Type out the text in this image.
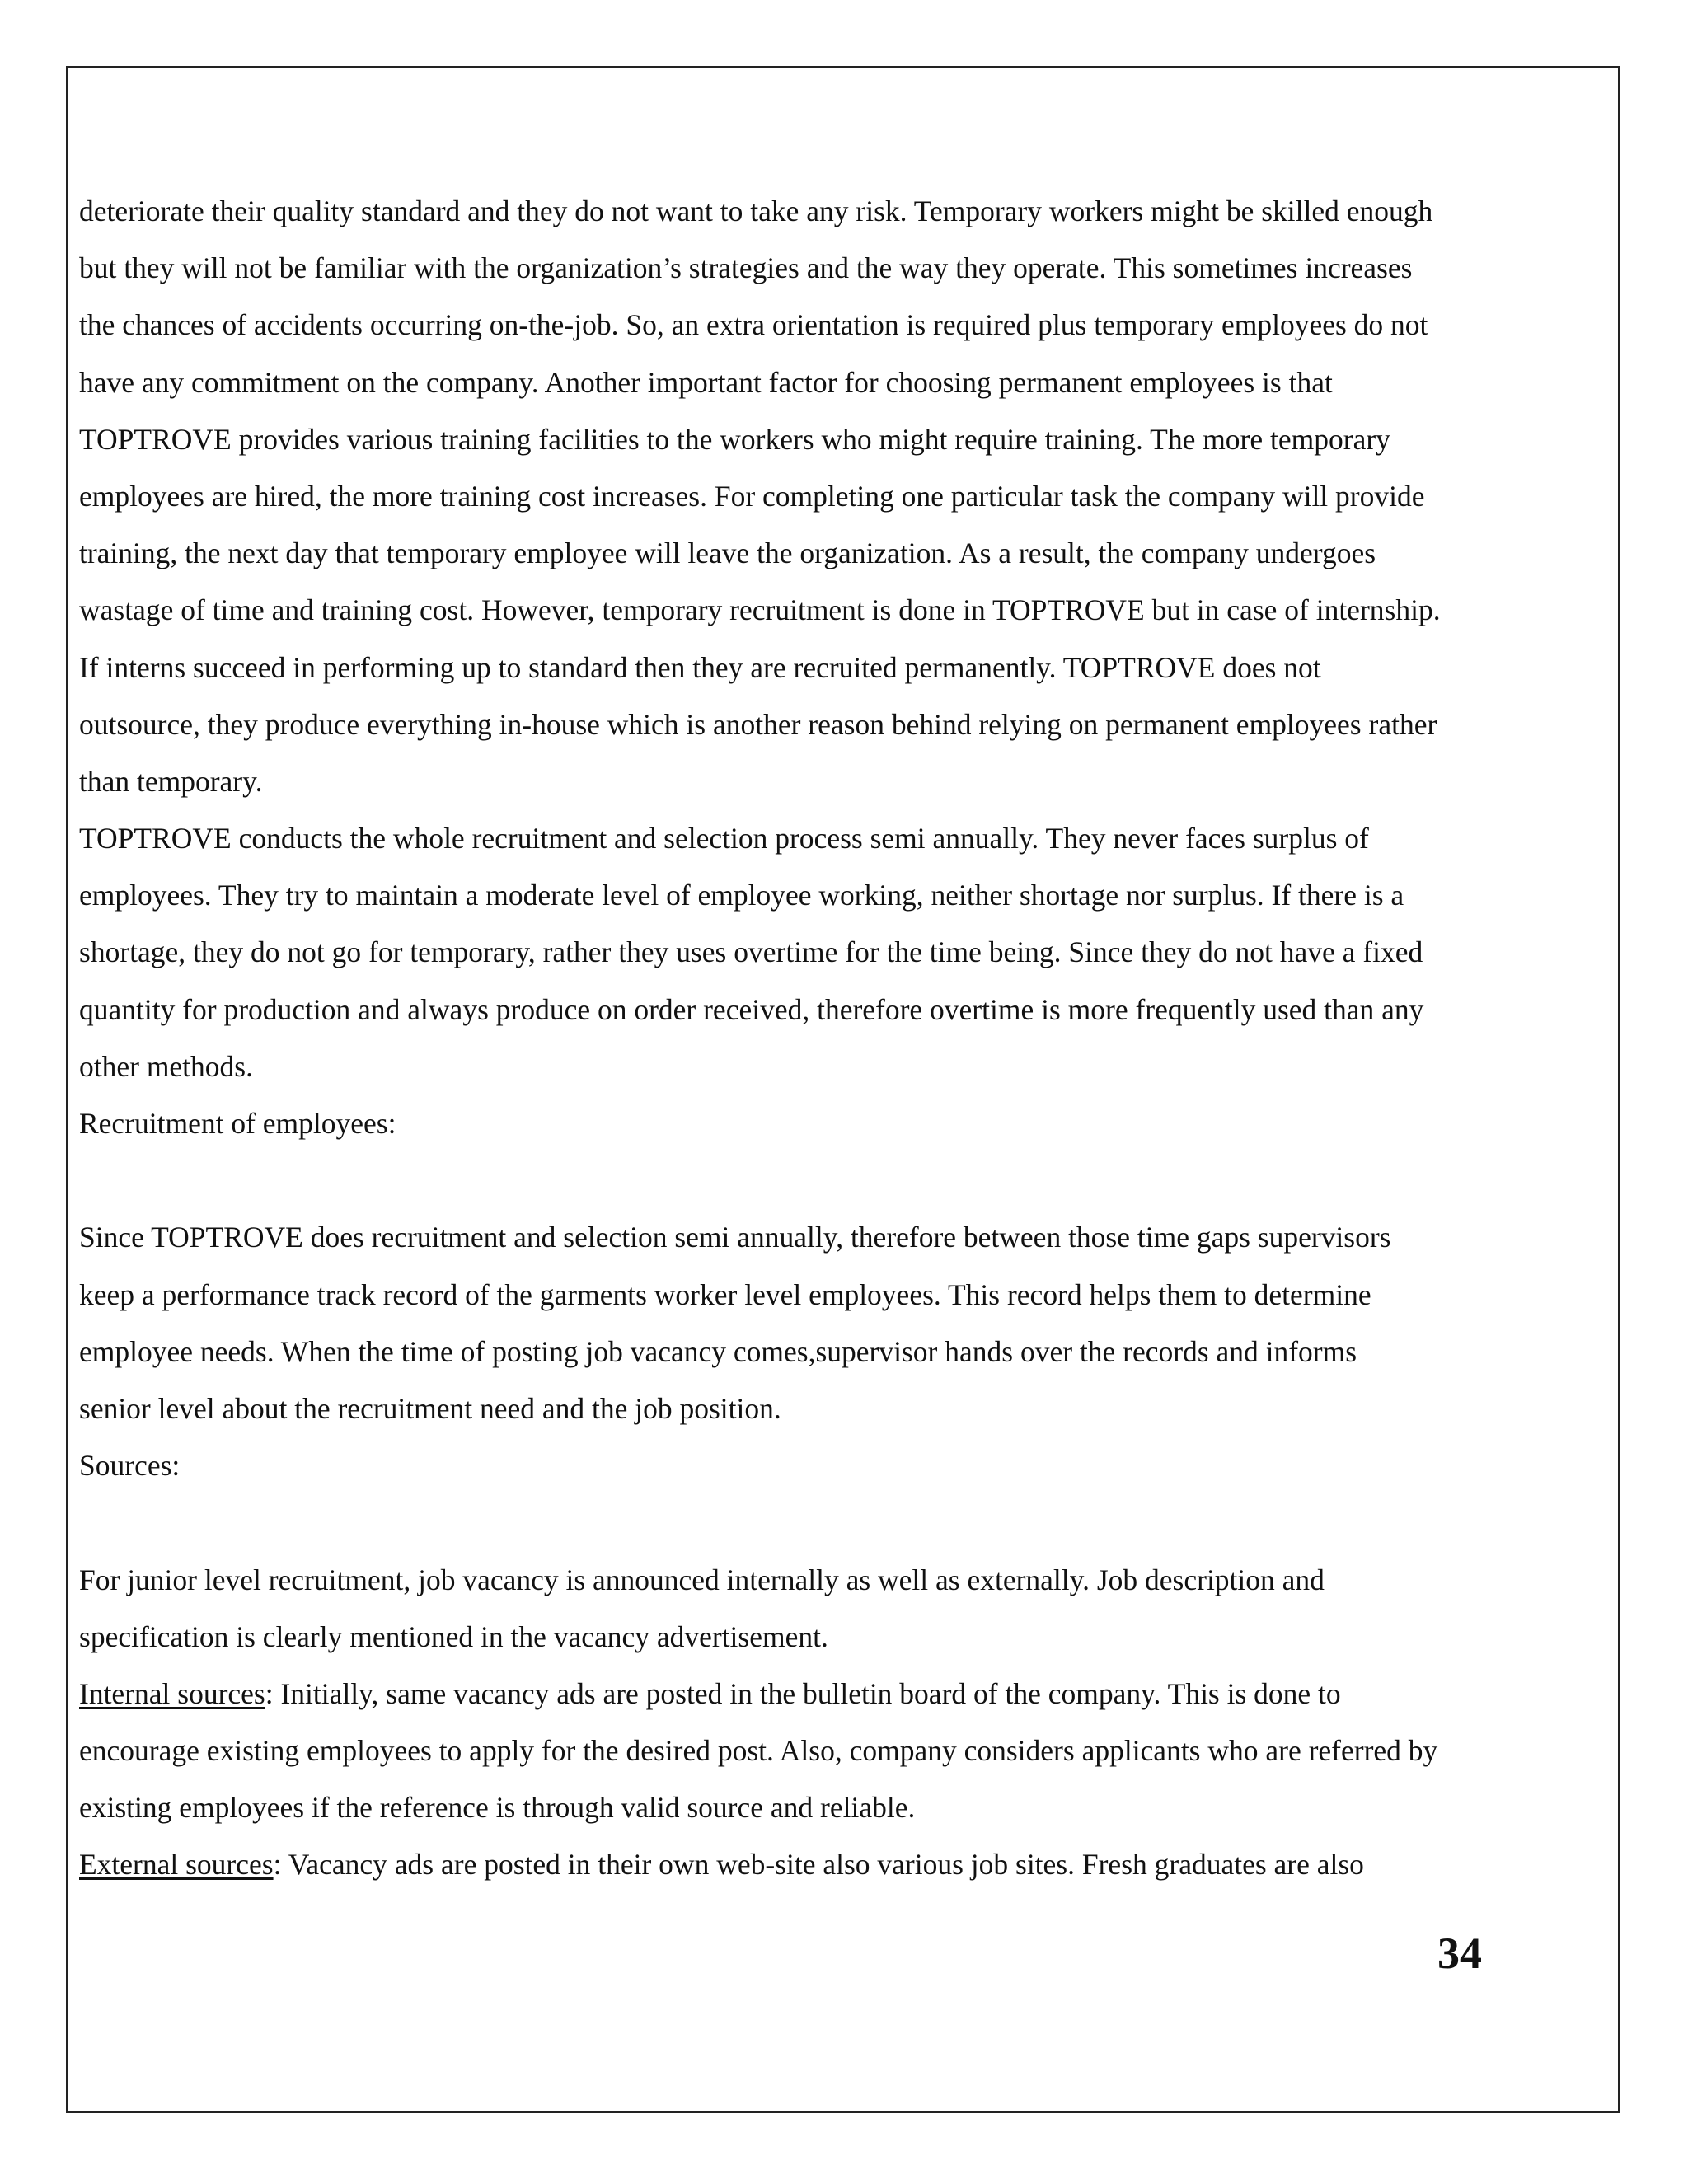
deteriorate their quality standard and they do not want to take any risk. Temporary workers might be skilled enough
but they will not be familiar with the organization’s strategies and the way they operate. This sometimes increases
the chances of accidents occurring on-the-job. So, an extra orientation is required plus temporary employees do not
have any commitment on the company. Another important factor for choosing permanent employees is that
TOPTROVE provides various training facilities to the workers who might require training. The more temporary
employees are hired, the more training cost increases. For completing one particular task the company will provide
training, the next day that temporary employee will leave the organization. As a result, the company undergoes
wastage of time and training cost. However, temporary recruitment is done in TOPTROVE but in case of internship.
If interns succeed in performing up to standard then they are recruited permanently. TOPTROVE does not
outsource, they produce everything in-house which is another reason behind relying on permanent employees rather
than temporary.
TOPTROVE conducts the whole recruitment and selection process semi annually. They never faces surplus of
employees. They try to maintain a moderate level of employee working, neither shortage nor surplus. If there is a
shortage, they do not go for temporary, rather they uses overtime for the time being. Since they do not have a fixed
quantity for production and always produce on order received, therefore overtime is more frequently used than any
other methods.
Recruitment of employees:
Since TOPTROVE does recruitment and selection semi annually, therefore between those time gaps supervisors
keep a performance track record of the garments worker level employees. This record helps them to determine
employee needs. When the time of posting job vacancy comes,supervisor hands over the records and informs
senior level about the recruitment need and the job position.
Sources:
For junior level recruitment, job vacancy is announced internally as well as externally. Job description and
specification is clearly mentioned in the vacancy advertisement.
Internal sources: Initially, same vacancy ads are posted in the bulletin board of the company. This is done to
encourage existing employees to apply for the desired post. Also, company considers applicants who are referred by
existing employees if the reference is through valid source and reliable.
External sources: Vacancy ads are posted in their own web-site also various job sites. Fresh graduates are also
34
